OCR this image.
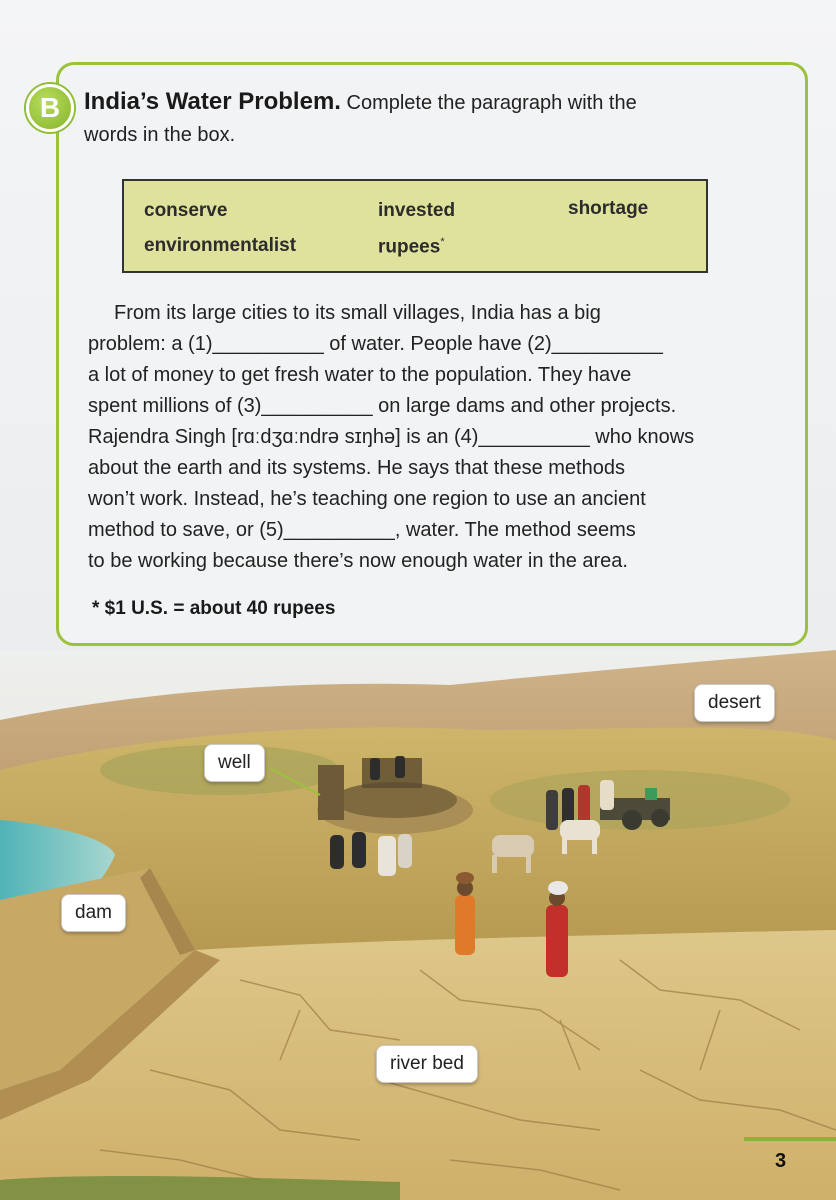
B India’s Water Problem. Complete the paragraph with the
words in the box.
conserve	invested	shortage
environmentalist	rupees*
From its large cities to its small villages, India has a big
problem: a (1)__________ of water. People have (2)__________
a lot of money to get fresh water to the population. They have
spent millions of (3)__________ on large dams and other projects.
Rajendra Singh [rɑːdʒɑːndrə sɪŋhə] is an (4)__________ who knows
about the earth and its systems. He says that these methods
won’t work. Instead, he’s teaching one region to use an ancient
method to save, or (5)__________, water. The method seems
to be working because there’s now enough water in the area.
* $1 U.S. = about 40 rupees
desert
well
dam
river bed
3
